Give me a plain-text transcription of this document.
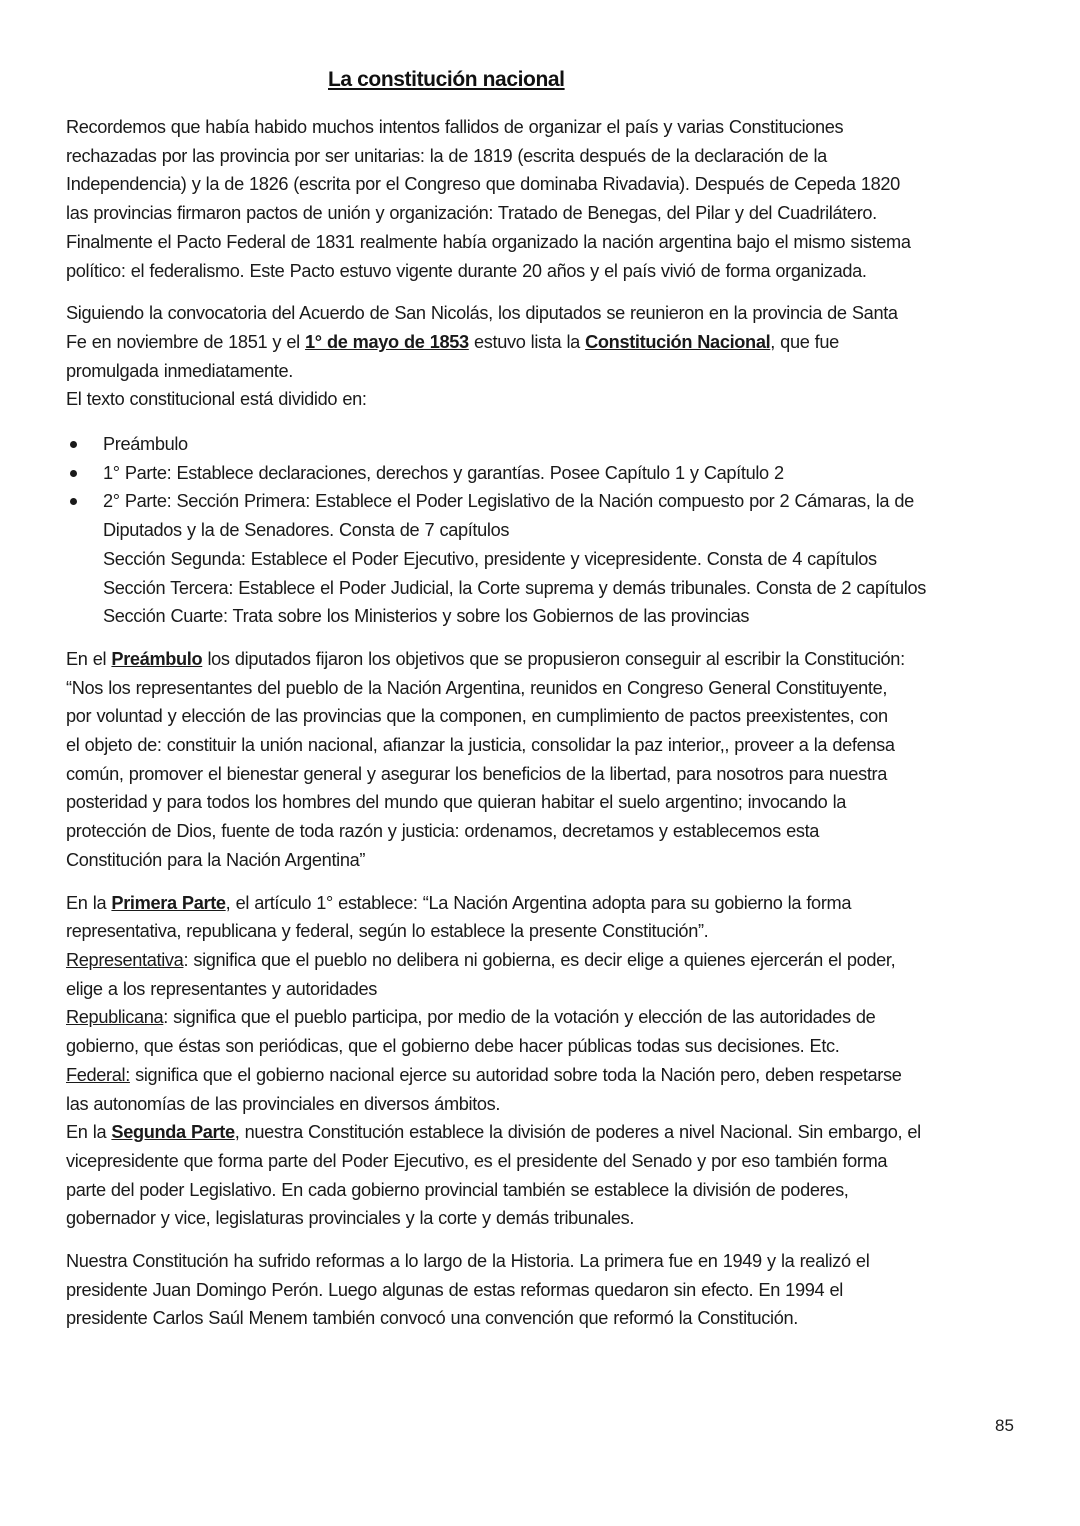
La constitución nacional

Recordemos que había habido muchos intentos fallidos de organizar el país y varias Constituciones
rechazadas por las provincia por ser unitarias: la de 1819 (escrita después de la declaración de la
Independencia) y la de 1826 (escrita por el Congreso que dominaba Rivadavia). Después de Cepeda 1820
las provincias firmaron pactos de unión y organización: Tratado de Benegas, del Pilar y del Cuadrilátero.
Finalmente el Pacto Federal de 1831 realmente había organizado la nación argentina bajo el mismo sistema
político: el federalismo. Este Pacto estuvo vigente durante 20 años y el país vivió de forma organizada.

Siguiendo la convocatoria del Acuerdo de San Nicolás, los diputados se reunieron en la provincia de Santa
Fe en noviembre de 1851 y el 1° de mayo de 1853 estuvo lista la Constitución Nacional, que fue
promulgada inmediatamente.
El texto constitucional está dividido en:

Preámbulo
1° Parte: Establece declaraciones, derechos y garantías. Posee Capítulo 1 y Capítulo 2
2° Parte: Sección Primera: Establece el Poder Legislativo de la Nación compuesto por 2 Cámaras, la de
Diputados y la de Senadores. Consta de 7 capítulos
Sección Segunda: Establece el Poder Ejecutivo, presidente y vicepresidente. Consta de 4 capítulos
Sección Tercera: Establece el Poder Judicial, la Corte suprema y demás tribunales. Consta de 2 capítulos
Sección Cuarte: Trata sobre los Ministerios y sobre los Gobiernos de las provincias

En el Preámbulo los diputados fijaron los objetivos que se propusieron conseguir al escribir la Constitución:
“Nos los representantes del pueblo de la Nación Argentina, reunidos en Congreso General Constituyente,
por voluntad y elección de las provincias que la componen, en cumplimiento de pactos preexistentes, con
el objeto de: constituir la unión nacional, afianzar la justicia, consolidar la paz interior,, proveer a la defensa
común, promover el bienestar general y asegurar los beneficios de la libertad, para nosotros para nuestra
posteridad y para todos los hombres del mundo que quieran habitar el suelo argentino; invocando la
protección de Dios, fuente de toda razón y justicia: ordenamos, decretamos y establecemos esta
Constitución para la Nación Argentina”

En la Primera Parte, el artículo 1° establece: “La Nación Argentina adopta para su gobierno la forma
representativa, republicana y federal, según lo establece la presente Constitución”.
Representativa: significa que el pueblo no delibera ni gobierna, es decir elige a quienes ejercerán el poder,
elige a los representantes y autoridades
Republicana: significa que el pueblo participa, por medio de la votación y elección de las autoridades de
gobierno, que éstas son periódicas, que el gobierno debe hacer públicas todas sus decisiones. Etc.
Federal: significa que el gobierno nacional ejerce su autoridad sobre toda la Nación pero, deben respetarse
las autonomías de las provinciales en diversos ámbitos.
En la Segunda Parte, nuestra Constitución establece la división de poderes a nivel Nacional. Sin embargo, el
vicepresidente que forma parte del Poder Ejecutivo, es el presidente del Senado y por eso también forma
parte del poder Legislativo. En cada gobierno provincial también se establece la división de poderes,
gobernador y vice, legislaturas provinciales y la corte y demás tribunales.

Nuestra Constitución ha sufrido reformas a lo largo de la Historia. La primera fue en 1949 y la realizó el
presidente Juan Domingo Perón. Luego algunas de estas reformas quedaron sin efecto. En 1994 el
presidente Carlos Saúl Menem también convocó una convención que reformó la Constitución.

85
